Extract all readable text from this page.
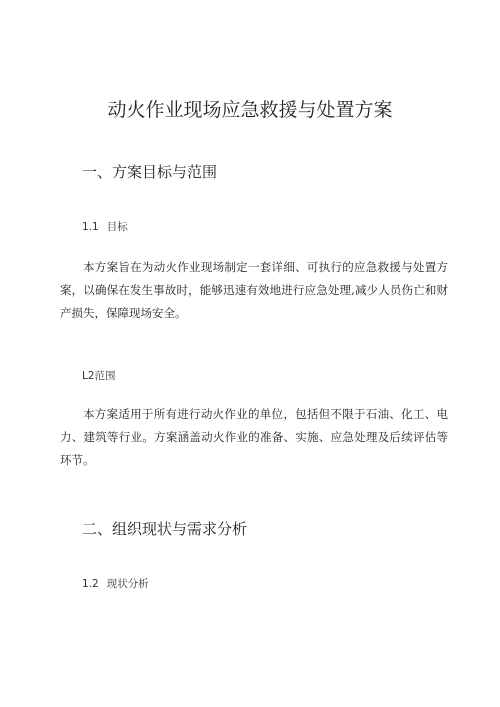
动火作业现场应急救援与处置方案
一、方案目标与范围
1.1 目标

本方案旨在为动火作业现场制定一套详细、可执行的应急救援与处置方案，以确保在发生事故时，能够迅速有效地进行应急处理,减少人员伤亡和财产损失，保障现场安全。

L2范围

本方案适用于所有进行动火作业的单位，包括但不限于石油、化工、电力、建筑等行业。方案涵盖动火作业的准备、实施、应急处理及后续评估等环节。

二、组织现状与需求分析
1.2 现状分析
